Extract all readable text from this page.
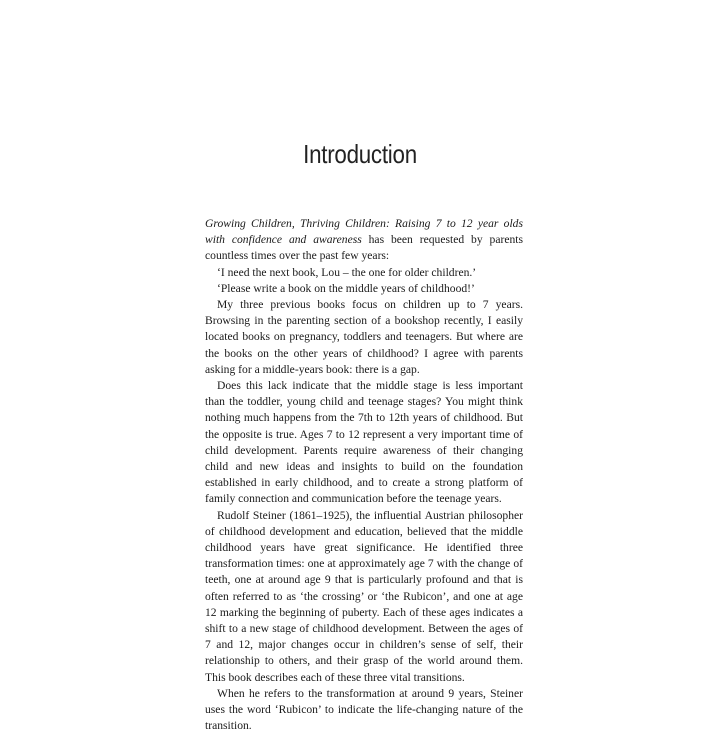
Introduction

Growing Children, Thriving Children: Raising 7 to 12 year olds with confidence and awareness has been requested by parents countless times over the past few years:

‘I need the next book, Lou – the one for older children.’

‘Please write a book on the middle years of childhood!’

My three previous books focus on children up to 7 years. Browsing in the parenting section of a bookshop recently, I easily located books on pregnancy, toddlers and teenagers. But where are the books on the other years of childhood? I agree with parents asking for a middle-years book: there is a gap.

Does this lack indicate that the middle stage is less important than the toddler, young child and teenage stages? You might think nothing much happens from the 7th to 12th years of childhood. But the opposite is true. Ages 7 to 12 represent a very important time of child development. Parents require awareness of their changing child and new ideas and insights to build on the foundation established in early childhood, and to create a strong platform of family connection and communication before the teenage years.

Rudolf Steiner (1861–1925), the influential Austrian philosopher of childhood development and education, believed that the middle childhood years have great significance. He identified three transformation times: one at approximately age 7 with the change of teeth, one at around age 9 that is particularly profound and that is often referred to as ‘the crossing’ or ‘the Rubicon’, and one at age 12 marking the beginning of puberty. Each of these ages indicates a shift to a new stage of childhood development. Between the ages of 7 and 12, major changes occur in children’s sense of self, their relationship to others, and their grasp of the world around them. This book describes each of these three vital transitions.

When he refers to the transformation at around 9 years, Steiner uses the word ‘Rubicon’ to indicate the life-changing nature of the transition.
